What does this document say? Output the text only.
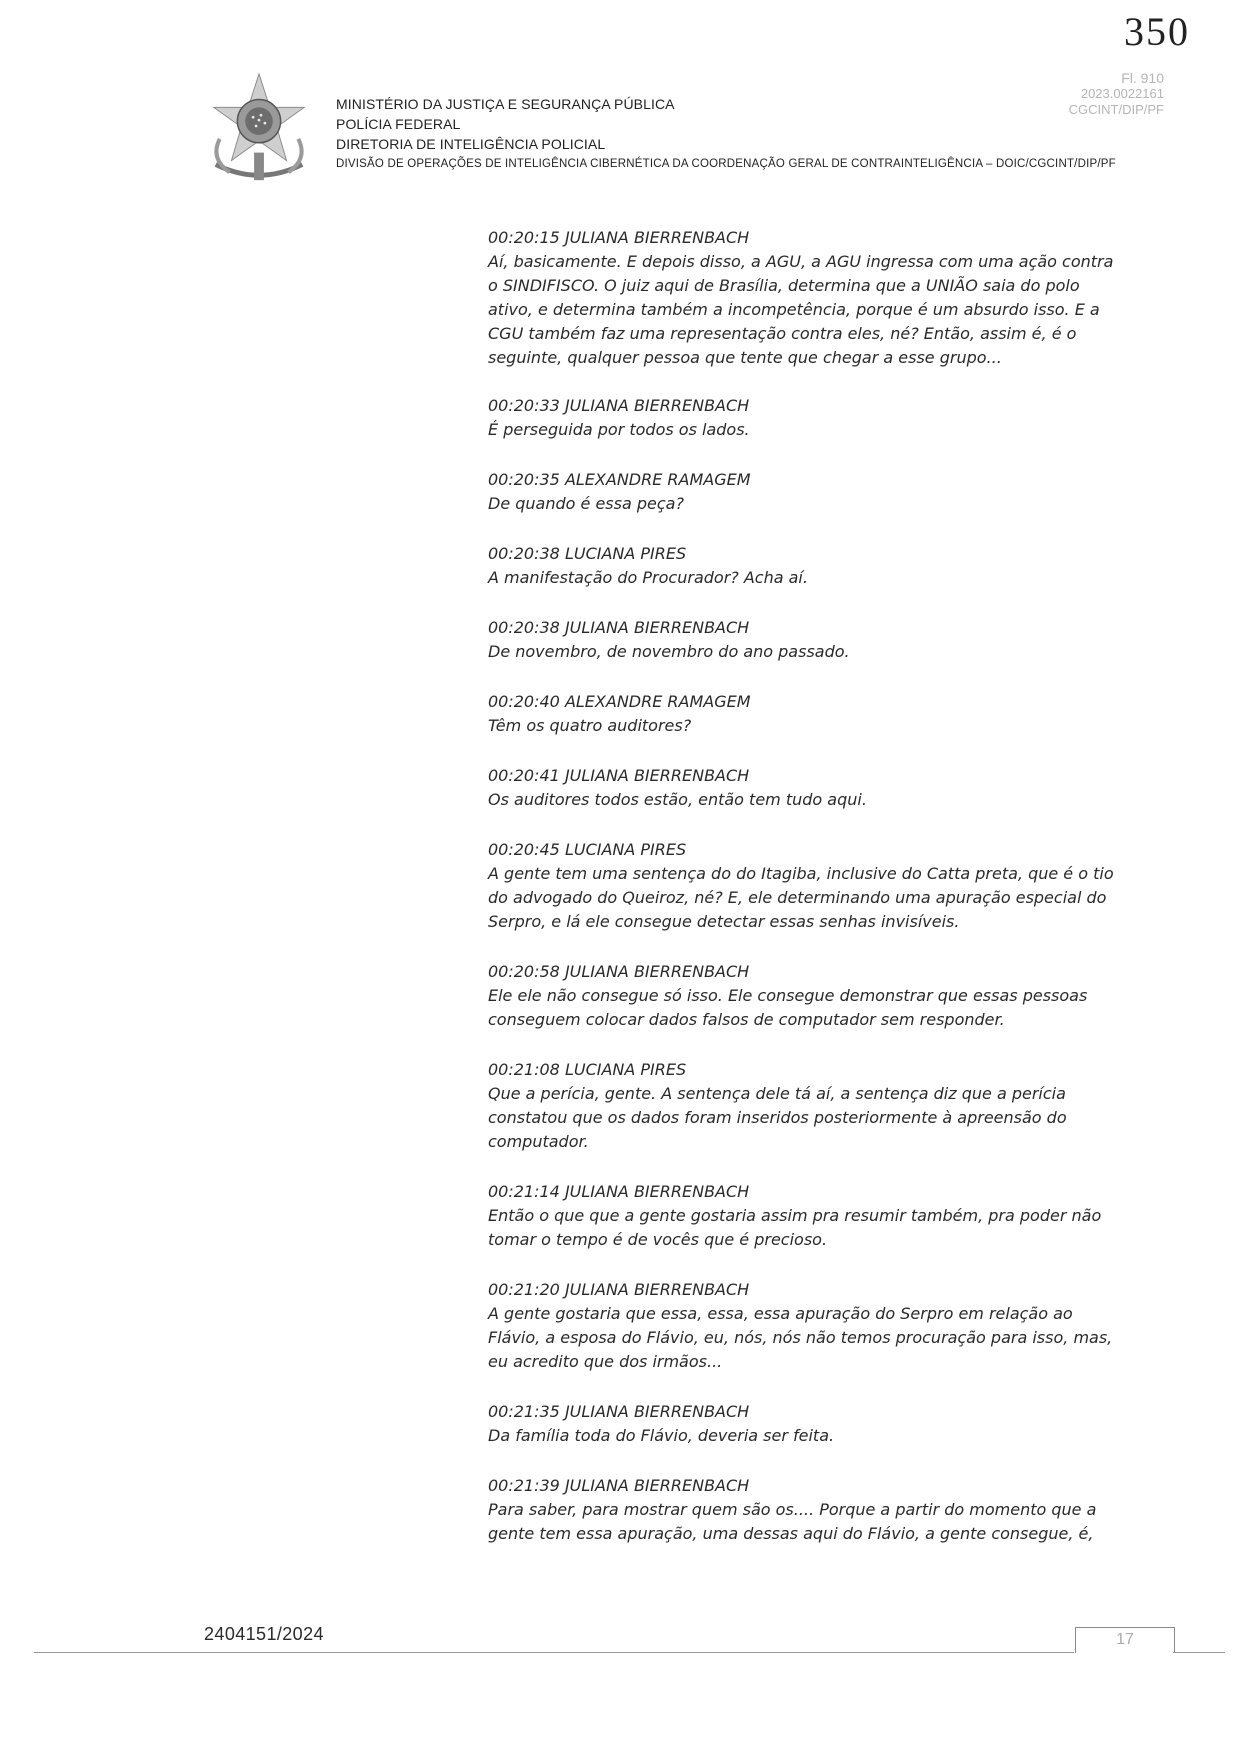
350
Fl. 910
2023.0022161
CGCINT/DIP/PF
MINISTÉRIO DA JUSTIÇA E SEGURANÇA PÚBLICA
POLÍCIA FEDERAL
DIRETORIA DE INTELIGÊNCIA POLICIAL
DIVISÃO DE OPERAÇÕES DE INTELIGÊNCIA CIBERNÉTICA DA COORDENAÇÃO GERAL DE CONTRAINTELIGÊNCIA – DOIC/CGCINT/DIP/PF
00:20:15 JULIANA BIERRENBACH
Aí, basicamente. E depois disso, a AGU, a AGU ingressa com uma ação contra o SINDIFISCO. O juiz aqui de Brasília, determina que a UNIÃO saia do polo ativo, e determina também a incompetência, porque é um absurdo isso. E a CGU também faz uma representação contra eles, né? Então, assim é, é o seguinte, qualquer pessoa que tente que chegar a esse grupo...
00:20:33 JULIANA BIERRENBACH
É perseguida por todos os lados.
00:20:35 ALEXANDRE RAMAGEM
De quando é essa peça?
00:20:38 LUCIANA PIRES
A manifestação do Procurador? Acha aí.
00:20:38 JULIANA BIERRENBACH
De novembro, de novembro do ano passado.
00:20:40 ALEXANDRE RAMAGEM
Têm os quatro auditores?
00:20:41 JULIANA BIERRENBACH
Os auditores todos estão, então tem tudo aqui.
00:20:45 LUCIANA PIRES
A gente tem uma sentença do do Itagiba, inclusive do Catta preta, que é o tio do advogado do Queiroz, né? E, ele determinando uma apuração especial do Serpro, e lá ele consegue detectar essas senhas invisíveis.
00:20:58 JULIANA BIERRENBACH
Ele ele não consegue só isso. Ele consegue demonstrar que essas pessoas conseguem colocar dados falsos de computador sem responder.
00:21:08 LUCIANA PIRES
Que a perícia, gente. A sentença dele tá aí, a sentença diz que a perícia constatou que os dados foram inseridos posteriormente à apreensão do computador.
00:21:14 JULIANA BIERRENBACH
Então o que que a gente gostaria assim pra resumir também, pra poder não tomar o tempo é de vocês que é precioso.
00:21:20 JULIANA BIERRENBACH
A gente gostaria que essa, essa, essa apuração do Serpro em relação ao Flávio, a esposa do Flávio, eu, nós, nós não temos procuração para isso, mas, eu acredito que dos irmãos...
00:21:35 JULIANA BIERRENBACH
Da família toda do Flávio, deveria ser feita.
00:21:39 JULIANA BIERRENBACH
Para saber, para mostrar quem são os.... Porque a partir do momento que a gente tem essa apuração, uma dessas aqui do Flávio, a gente consegue, é,
2404151/2024	17
